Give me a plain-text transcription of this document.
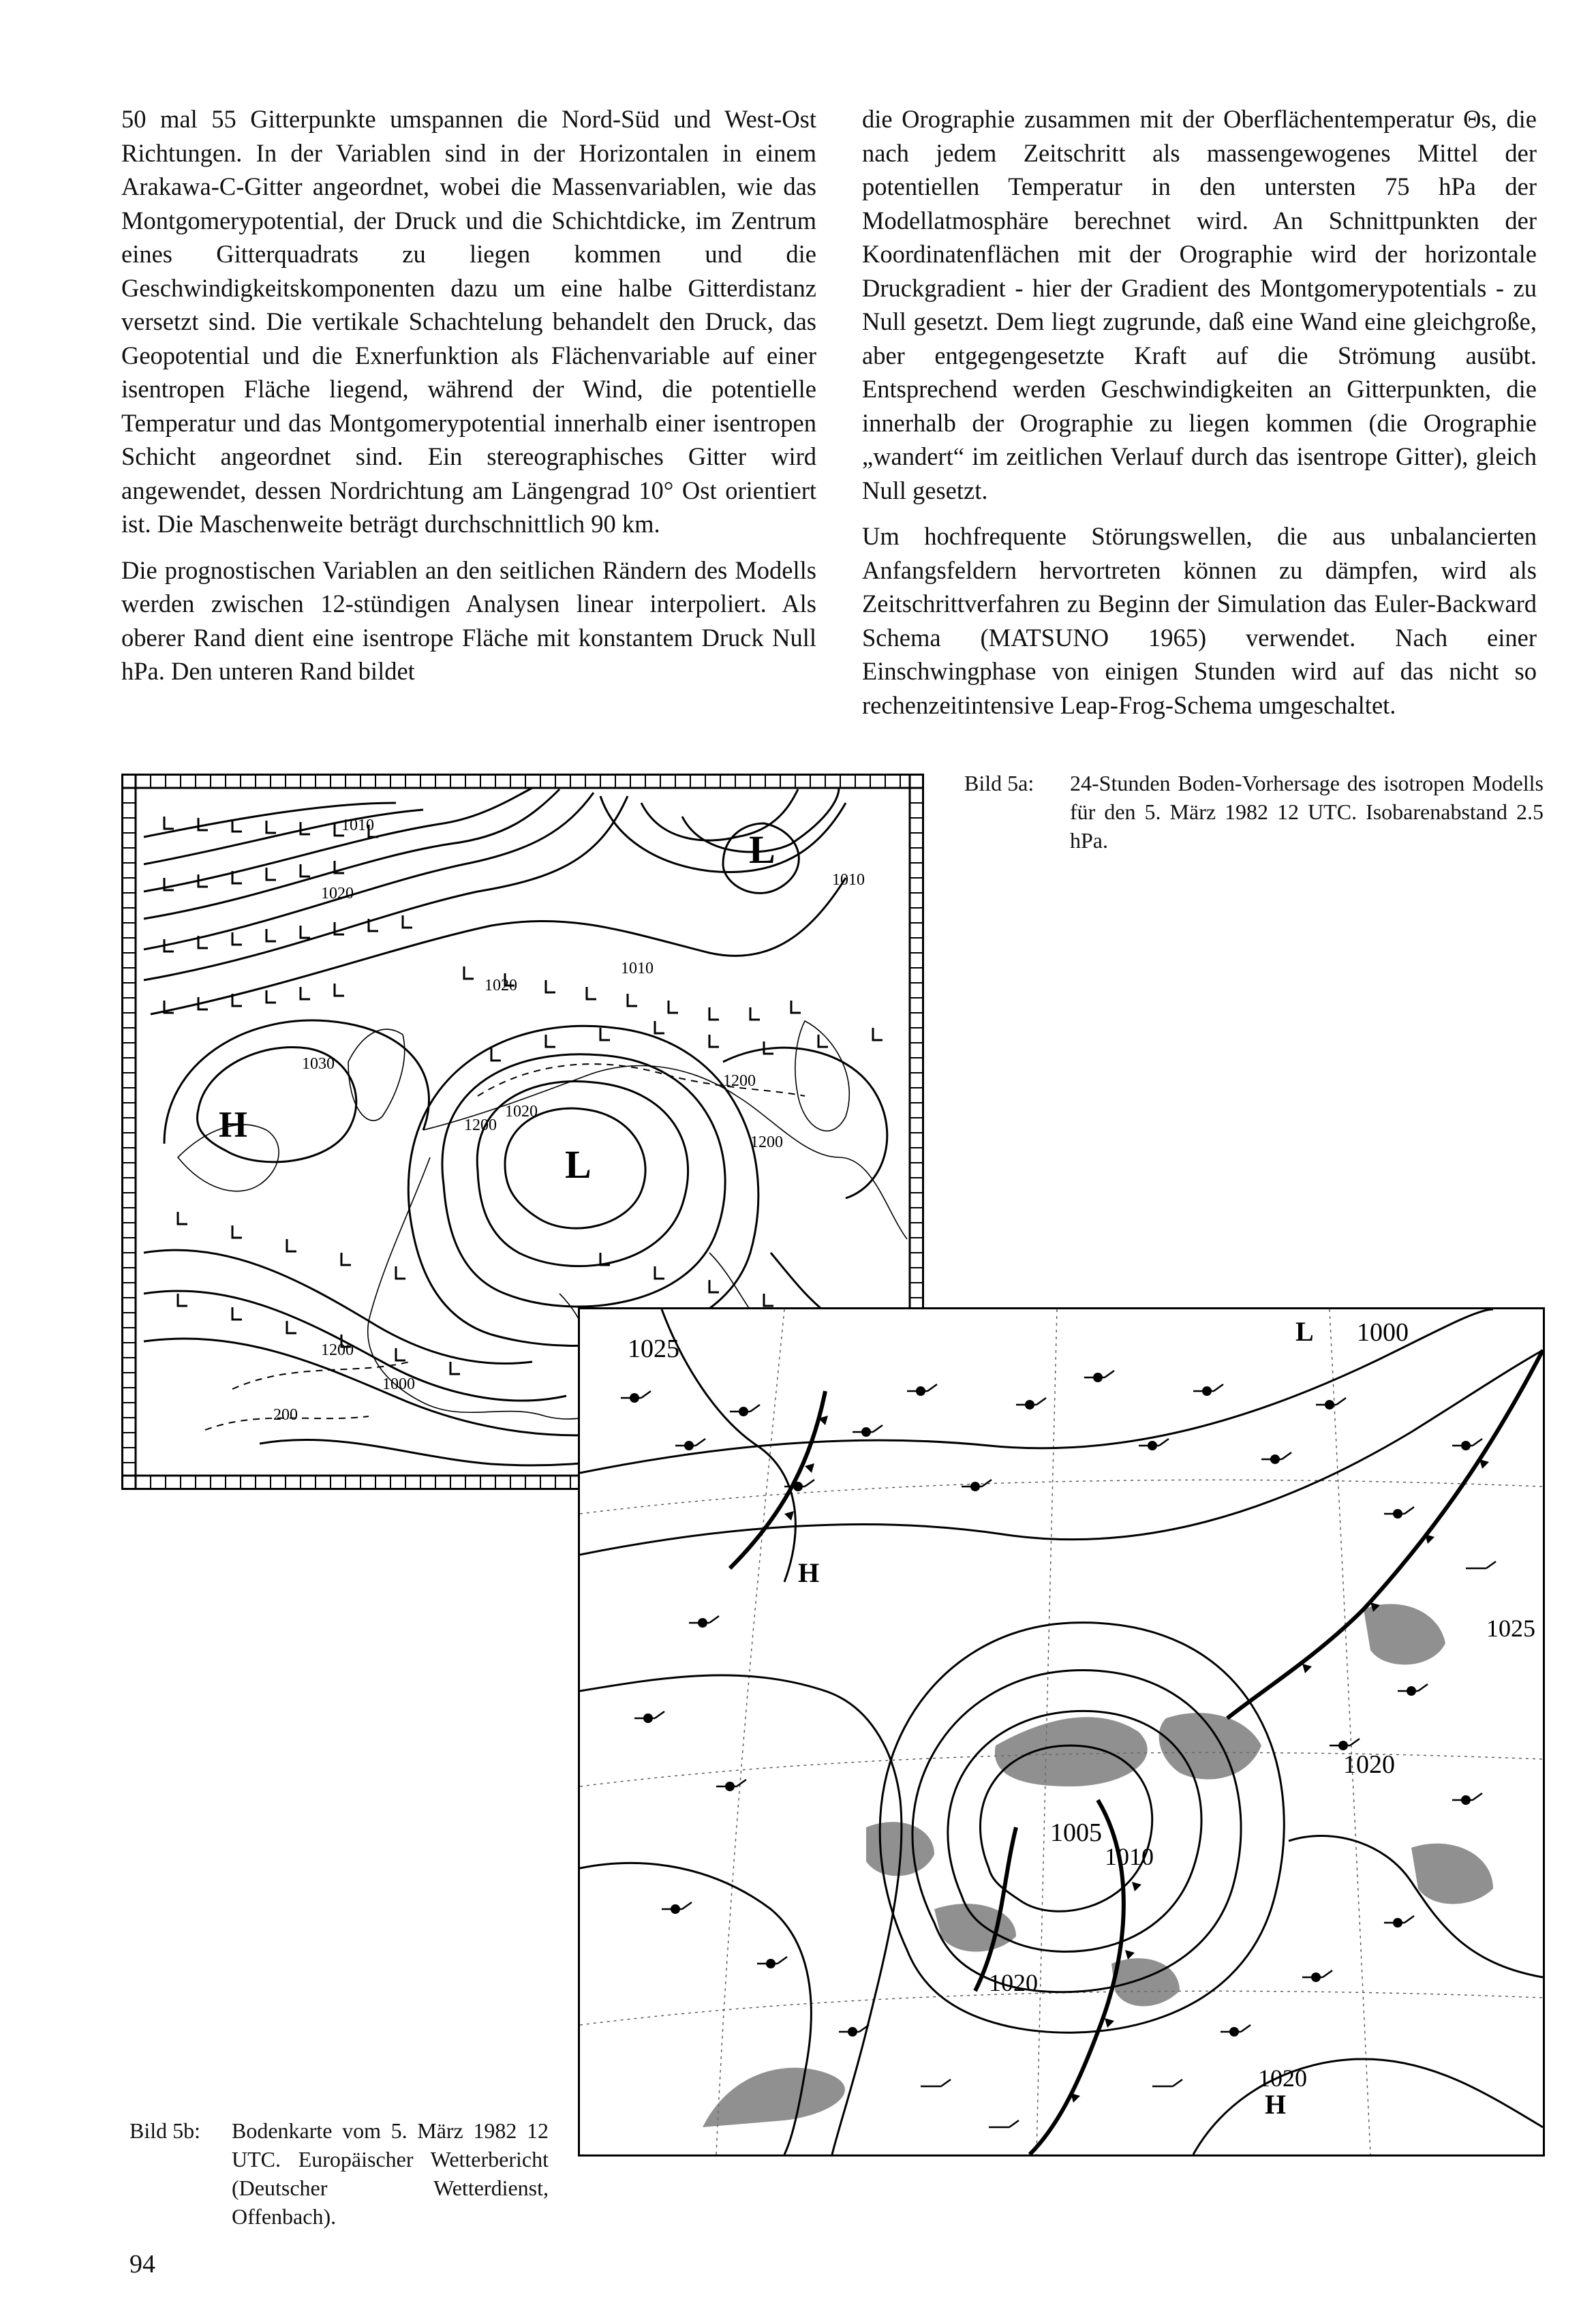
50 mal 55 Gitterpunkte umspannen die Nord-Süd und West-Ost Richtungen. In der Variablen sind in der Horizontalen in einem Arakawa-C-Gitter angeordnet, wobei die Massenvariablen, wie das Montgomerypotential, der Druck und die Schichtdicke, im Zentrum eines Gitterquadrats zu liegen kommen und die Geschwindigkeitskomponenten dazu um eine halbe Gitterdistanz versetzt sind. Die vertikale Schachtelung behandelt den Druck, das Geopotential und die Exnerfunktion als Flächenvariable auf einer isentropen Fläche liegend, während der Wind, die potentielle Temperatur und das Montgomerypotential innerhalb einer isentropen Schicht angeordnet sind. Ein stereographisches Gitter wird angewendet, dessen Nordrichtung am Längengrad 10° Ost orientiert ist. Die Maschenweite beträgt durchschnittlich 90 km.

Die prognostischen Variablen an den seitlichen Rändern des Modells werden zwischen 12-stündigen Analysen linear interpoliert. Als oberer Rand dient eine isentrope Fläche mit konstantem Druck Null hPa. Den unteren Rand bildet

die Orographie zusammen mit der Oberflächentemperatur Θs, die nach jedem Zeitschritt als massengewogenes Mittel der potentiellen Temperatur in den untersten 75 hPa der Modellatmosphäre berechnet wird. An Schnittpunkten der Koordinatenflächen mit der Orographie wird der horizontale Druckgradient - hier der Gradient des Montgomerypotentials - zu Null gesetzt. Dem liegt zugrunde, daß eine Wand eine gleichgroße, aber entgegengesetzte Kraft auf die Strömung ausübt. Entsprechend werden Geschwindigkeiten an Gitterpunkten, die innerhalb der Orographie zu liegen kommen (die Orographie „wandert“ im zeitlichen Verlauf durch das isentrope Gitter), gleich Null gesetzt.

Um hochfrequente Störungswellen, die aus unbalancierten Anfangsfeldern hervortreten können zu dämpfen, wird als Zeitschrittverfahren zu Beginn der Simulation das Euler-Backward Schema (MATSUNO 1965) verwendet. Nach einer Einschwingphase von einigen Stunden wird auf das nicht so rechenzeitintensive Leap-Frog-Schema umgeschaltet.

Bild 5a: 24-Stunden Boden-Vorhersage des isotropen Modells für den 5. März 1982 12 UTC. Isobarenabstand 2.5 hPa.
L
L
H
1010
1010
1010
1020
1020
1020
1030
1000
1200
1200
1200
1200
200
1025
1025
1000
L
1005
1010
1020
1020
1020
H
H
Bild 5b: Bodenkarte vom 5. März 1982 12 UTC. Europäischer Wetterbericht (Deutscher Wetterdienst, Offenbach).
94
